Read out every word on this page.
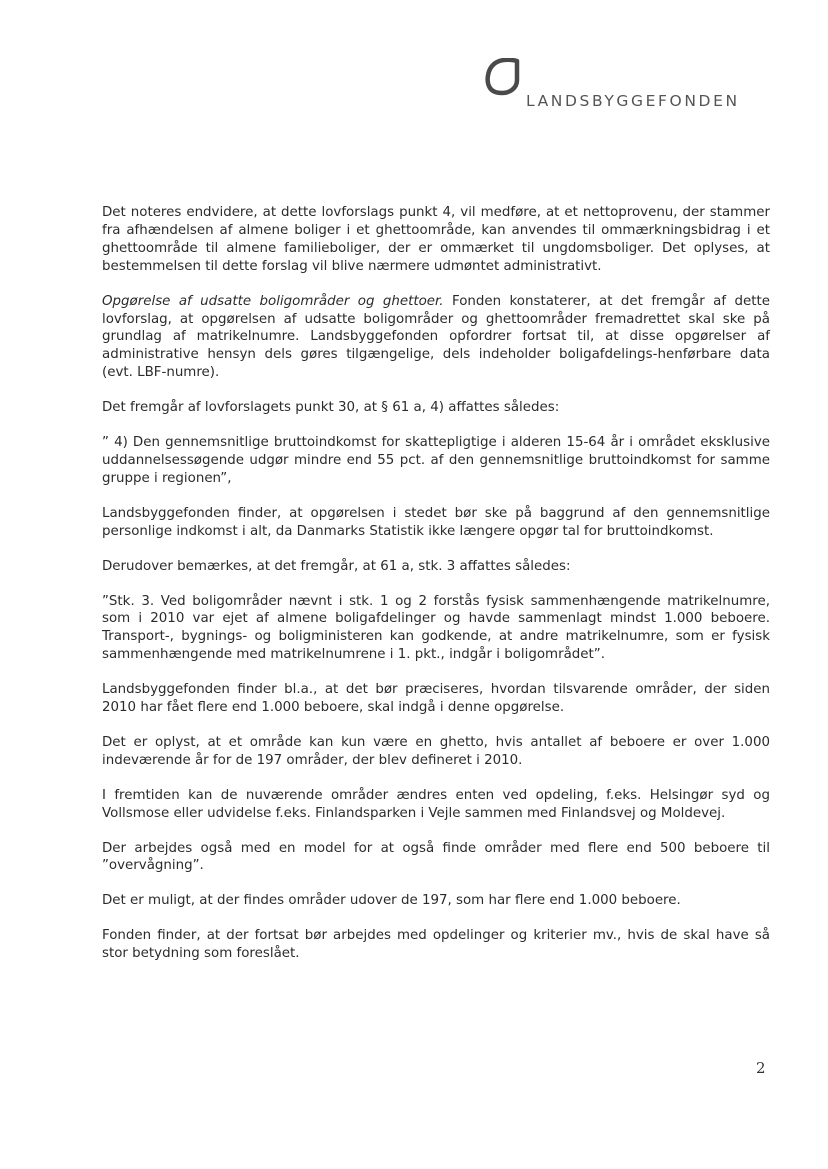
LANDSBYGGEFONDEN

Det noteres endvidere, at dette lovforslags punkt 4, vil medføre, at et nettoprovenu, der stammer fra afhændelsen af almene boliger i et ghettoområde, kan anvendes til ommærkningsbidrag i et ghettoområde til almene familieboliger, der er ommærket til ungdomsboliger. Det oplyses, at bestemmelsen til dette forslag vil blive nærmere udmøntet administrativt.

Opgørelse af udsatte boligområder og ghettoer. Fonden konstaterer, at det fremgår af dette lovforslag, at opgørelsen af udsatte boligområder og ghettoområder fremadrettet skal ske på grundlag af matrikelnumre. Landsbyggefonden opfordrer fortsat til, at disse opgørelser af administrative hensyn dels gøres tilgængelige, dels indeholder boligafdelings-henførbare data (evt. LBF-numre).

Det fremgår af lovforslagets punkt 30, at § 61 a, 4) affattes således:

” 4) Den gennemsnitlige bruttoindkomst for skattepligtige i alderen 15-64 år i området eksklusive uddannelsessøgende udgør mindre end 55 pct. af den gennemsnitlige bruttoindkomst for samme gruppe i regionen”,

Landsbyggefonden finder, at opgørelsen i stedet bør ske på baggrund af den gennemsnitlige personlige indkomst i alt, da Danmarks Statistik ikke længere opgør tal for bruttoindkomst.

Derudover bemærkes, at det fremgår, at 61 a, stk. 3 affattes således:

”Stk. 3. Ved boligområder nævnt i stk. 1 og 2 forstås fysisk sammenhængende matrikelnumre, som i 2010 var ejet af almene boligafdelinger og havde sammenlagt mindst 1.000 beboere. Transport-, bygnings- og boligministeren kan godkende, at andre matrikelnumre, som er fysisk sammenhængende med matrikelnumrene i 1. pkt., indgår i boligområdet”.

Landsbyggefonden finder bl.a., at det bør præciseres, hvordan tilsvarende områder, der siden 2010 har fået flere end 1.000 beboere, skal indgå i denne opgørelse.

Det er oplyst, at et område kan kun være en ghetto, hvis antallet af beboere er over 1.000 indeværende år for de 197 områder, der blev defineret i 2010.

I fremtiden kan de nuværende områder ændres enten ved opdeling, f.eks. Helsingør syd og Vollsmose eller udvidelse f.eks. Finlandsparken i Vejle sammen med Finlandsvej og Moldevej.

Der arbejdes også med en model for at også finde områder med flere end 500 beboere til ”overvågning”.

Det er muligt, at der findes områder udover de 197, som har flere end 1.000 beboere.

Fonden finder, at der fortsat bør arbejdes med opdelinger og kriterier mv., hvis de skal have så stor betydning som foreslået.

2
